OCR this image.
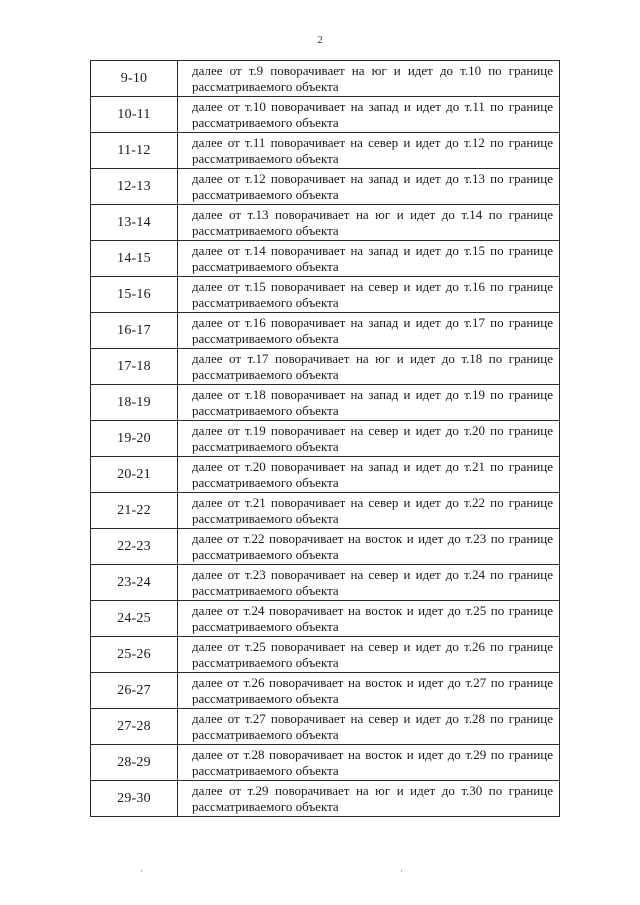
2
9-10	далее от т.9 поворачивает на юг и идет до т.10 по границе рассматриваемого объекта
10-11	далее от т.10 поворачивает на запад и идет до т.11 по границе рассматриваемого объекта
11-12	далее от т.11 поворачивает на север и идет до т.12 по границе рассматриваемого объекта
12-13	далее от т.12 поворачивает на запад и идет до т.13 по границе рассматриваемого объекта
13-14	далее от т.13 поворачивает на юг и идет до т.14 по границе рассматриваемого объекта
14-15	далее от т.14 поворачивает на запад и идет до т.15 по границе рассматриваемого объекта
15-16	далее от т.15 поворачивает на север и идет до т.16 по границе рассматриваемого объекта
16-17	далее от т.16 поворачивает на запад и идет до т.17 по границе рассматриваемого объекта
17-18	далее от т.17 поворачивает на юг и идет до т.18 по границе рассматриваемого объекта
18-19	далее от т.18 поворачивает на запад и идет до т.19 по границе рассматриваемого объекта
19-20	далее от т.19 поворачивает на север и идет до т.20 по границе рассматриваемого объекта
20-21	далее от т.20 поворачивает на запад и идет до т.21 по границе рассматриваемого объекта
21-22	далее от т.21 поворачивает на север и идет до т.22 по границе рассматриваемого объекта
22-23	далее от т.22 поворачивает на восток и идет до т.23 по границе рассматриваемого объекта
23-24	далее от т.23 поворачивает на север и идет до т.24 по границе рассматриваемого объекта
24-25	далее от т.24 поворачивает на восток и идет до т.25 по границе рассматриваемого объекта
25-26	далее от т.25 поворачивает на север и идет до т.26 по границе рассматриваемого объекта
26-27	далее от т.26 поворачивает на восток и идет до т.27 по границе рассматриваемого объекта
27-28	далее от т.27 поворачивает на север и идет до т.28 по границе рассматриваемого объекта
28-29	далее от т.28 поворачивает на восток и идет до т.29 по границе рассматриваемого объекта
29-30	далее от т.29 поворачивает на юг и идет до т.30 по границе рассматриваемого объекта
·	·
